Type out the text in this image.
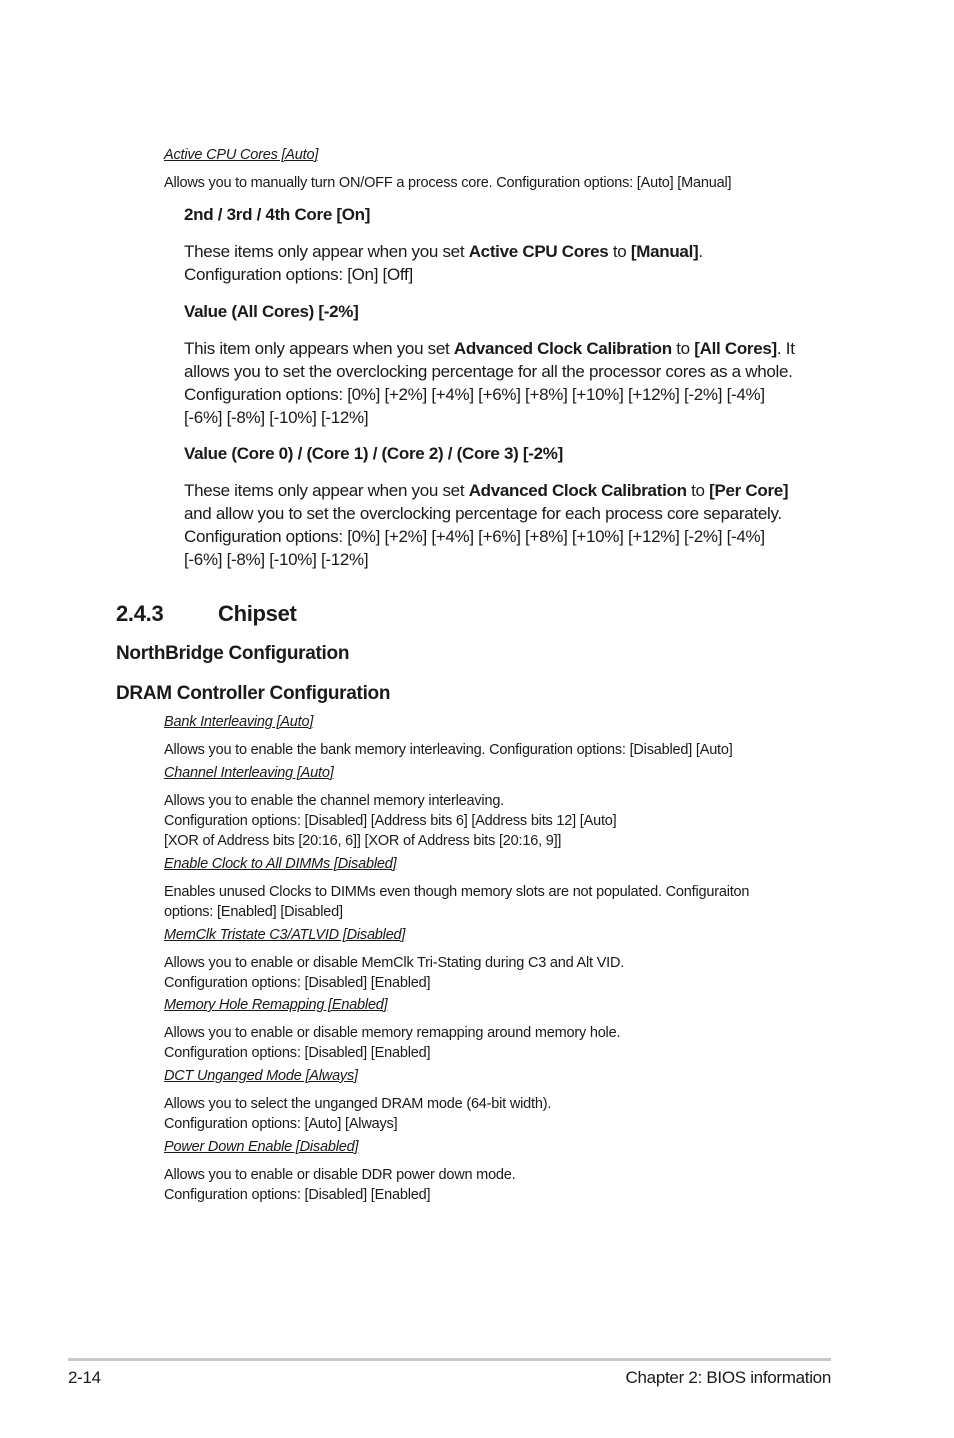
Active CPU Cores [Auto]
Allows you to manually turn ON/OFF a process core. Configuration options: [Auto] [Manual]
2nd / 3rd / 4th Core [On]
These items only appear when you set Active CPU Cores to [Manual].
Configuration options: [On] [Off]
Value (All Cores) [-2%]
This item only appears when you set Advanced Clock Calibration to [All Cores]. It
allows you to set the overclocking percentage for all the processor cores as a whole.
Configuration options: [0%] [+2%] [+4%] [+6%] [+8%] [+10%] [+12%] [-2%] [-4%]
[-6%] [-8%] [-10%] [-12%]
Value (Core 0) / (Core 1) / (Core 2) / (Core 3) [-2%]
These items only appear when you set Advanced Clock Calibration to [Per Core]
and allow you to set the overclocking percentage for each process core separately.
Configuration options: [0%] [+2%] [+4%] [+6%] [+8%] [+10%] [+12%] [-2%] [-4%]
[-6%] [-8%] [-10%] [-12%]
2.4.3 Chipset
NorthBridge Configuration
DRAM Controller Configuration
Bank Interleaving [Auto]
Allows you to enable the bank memory interleaving. Configuration options: [Disabled] [Auto]
Channel Interleaving [Auto]
Allows you to enable the channel memory interleaving.
Configuration options: [Disabled] [Address bits 6] [Address bits 12] [Auto]
[XOR of Address bits [20:16, 6]] [XOR of Address bits [20:16, 9]]
Enable Clock to All DIMMs [Disabled]
Enables unused Clocks to DIMMs even though memory slots are not populated. Configuraiton
options: [Enabled] [Disabled]
MemClk Tristate C3/ATLVID [Disabled]
Allows you to enable or disable MemClk Tri-Stating during C3 and Alt VID.
Configuration options: [Disabled] [Enabled]
Memory Hole Remapping [Enabled]
Allows you to enable or disable memory remapping around memory hole.
Configuration options: [Disabled] [Enabled]
DCT Unganged Mode [Always]
Allows you to select the unganged DRAM mode (64-bit width).
Configuration options: [Auto] [Always]
Power Down Enable [Disabled]
Allows you to enable or disable DDR power down mode.
Configuration options: [Disabled] [Enabled]
2-14	Chapter 2: BIOS information
